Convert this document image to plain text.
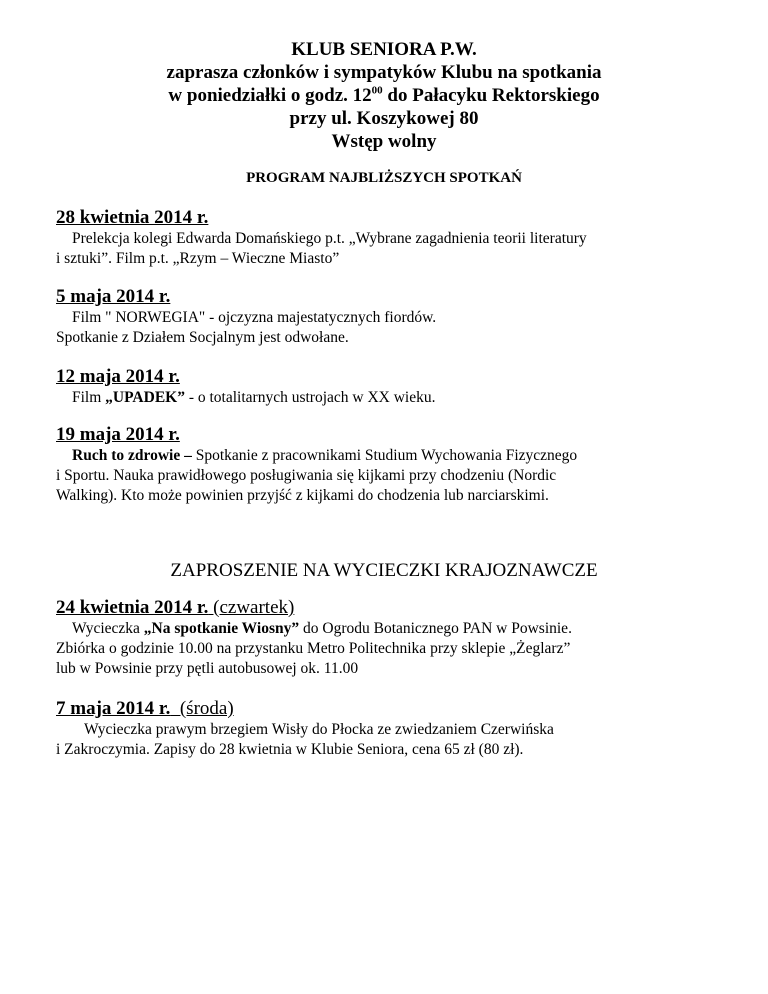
KLUB SENIORA P.W.

zaprasza członków i sympatyków Klubu na spotkania

w poniedziałki o godz. $12^{00}$ do Pałacyku Rektorskiego

przy ul. Koszykowej 80

Wstęp wolny

PROGRAM NAJBLIŻSZYCH SPOTKAŃ

28 kwietnia 2014 r.

Prelekcja kolegi Edwarda Domańskiego p.t. „Wybrane zagadnienia teorii literatury
i sztuki”. Film p.t. „Rzym – Wieczne Miasto”

5 maja 2014 r.

Film " NORWEGIA" - ojczyzna majestatycznych fiordów.
Spotkanie z Działem Socjalnym jest odwołane.

12 maja 2014 r.

Film „UPADEK” - o totalitarnych ustrojach w XX wieku.

19 maja 2014 r.

Ruch to zdrowie – Spotkanie z pracownikami Studium Wychowania Fizycznego
i Sportu. Nauka prawidłowego posługiwania się kijkami przy chodzeniu (Nordic
Walking). Kto może powinien przyjść z kijkami do chodzenia lub narciarskimi.

ZAPROSZENIE NA WYCIECZKI KRAJOZNAWCZE

24 kwietnia 2014 r. (czwartek)

Wycieczka „Na spotkanie Wiosny” do Ogrodu Botanicznego PAN w Powsinie.
Zbiórka o godzinie 10.00 na przystanku Metro Politechnika przy sklepie „Żeglarz”
lub w Powsinie przy pętli autobusowej ok. 11.00

7 maja 2014 r.  (środa)

Wycieczka prawym brzegiem Wisły do Płocka ze zwiedzaniem Czerwińska
i Zakroczymia. Zapisy do 28 kwietnia w Klubie Seniora, cena 65 zł (80 zł).
